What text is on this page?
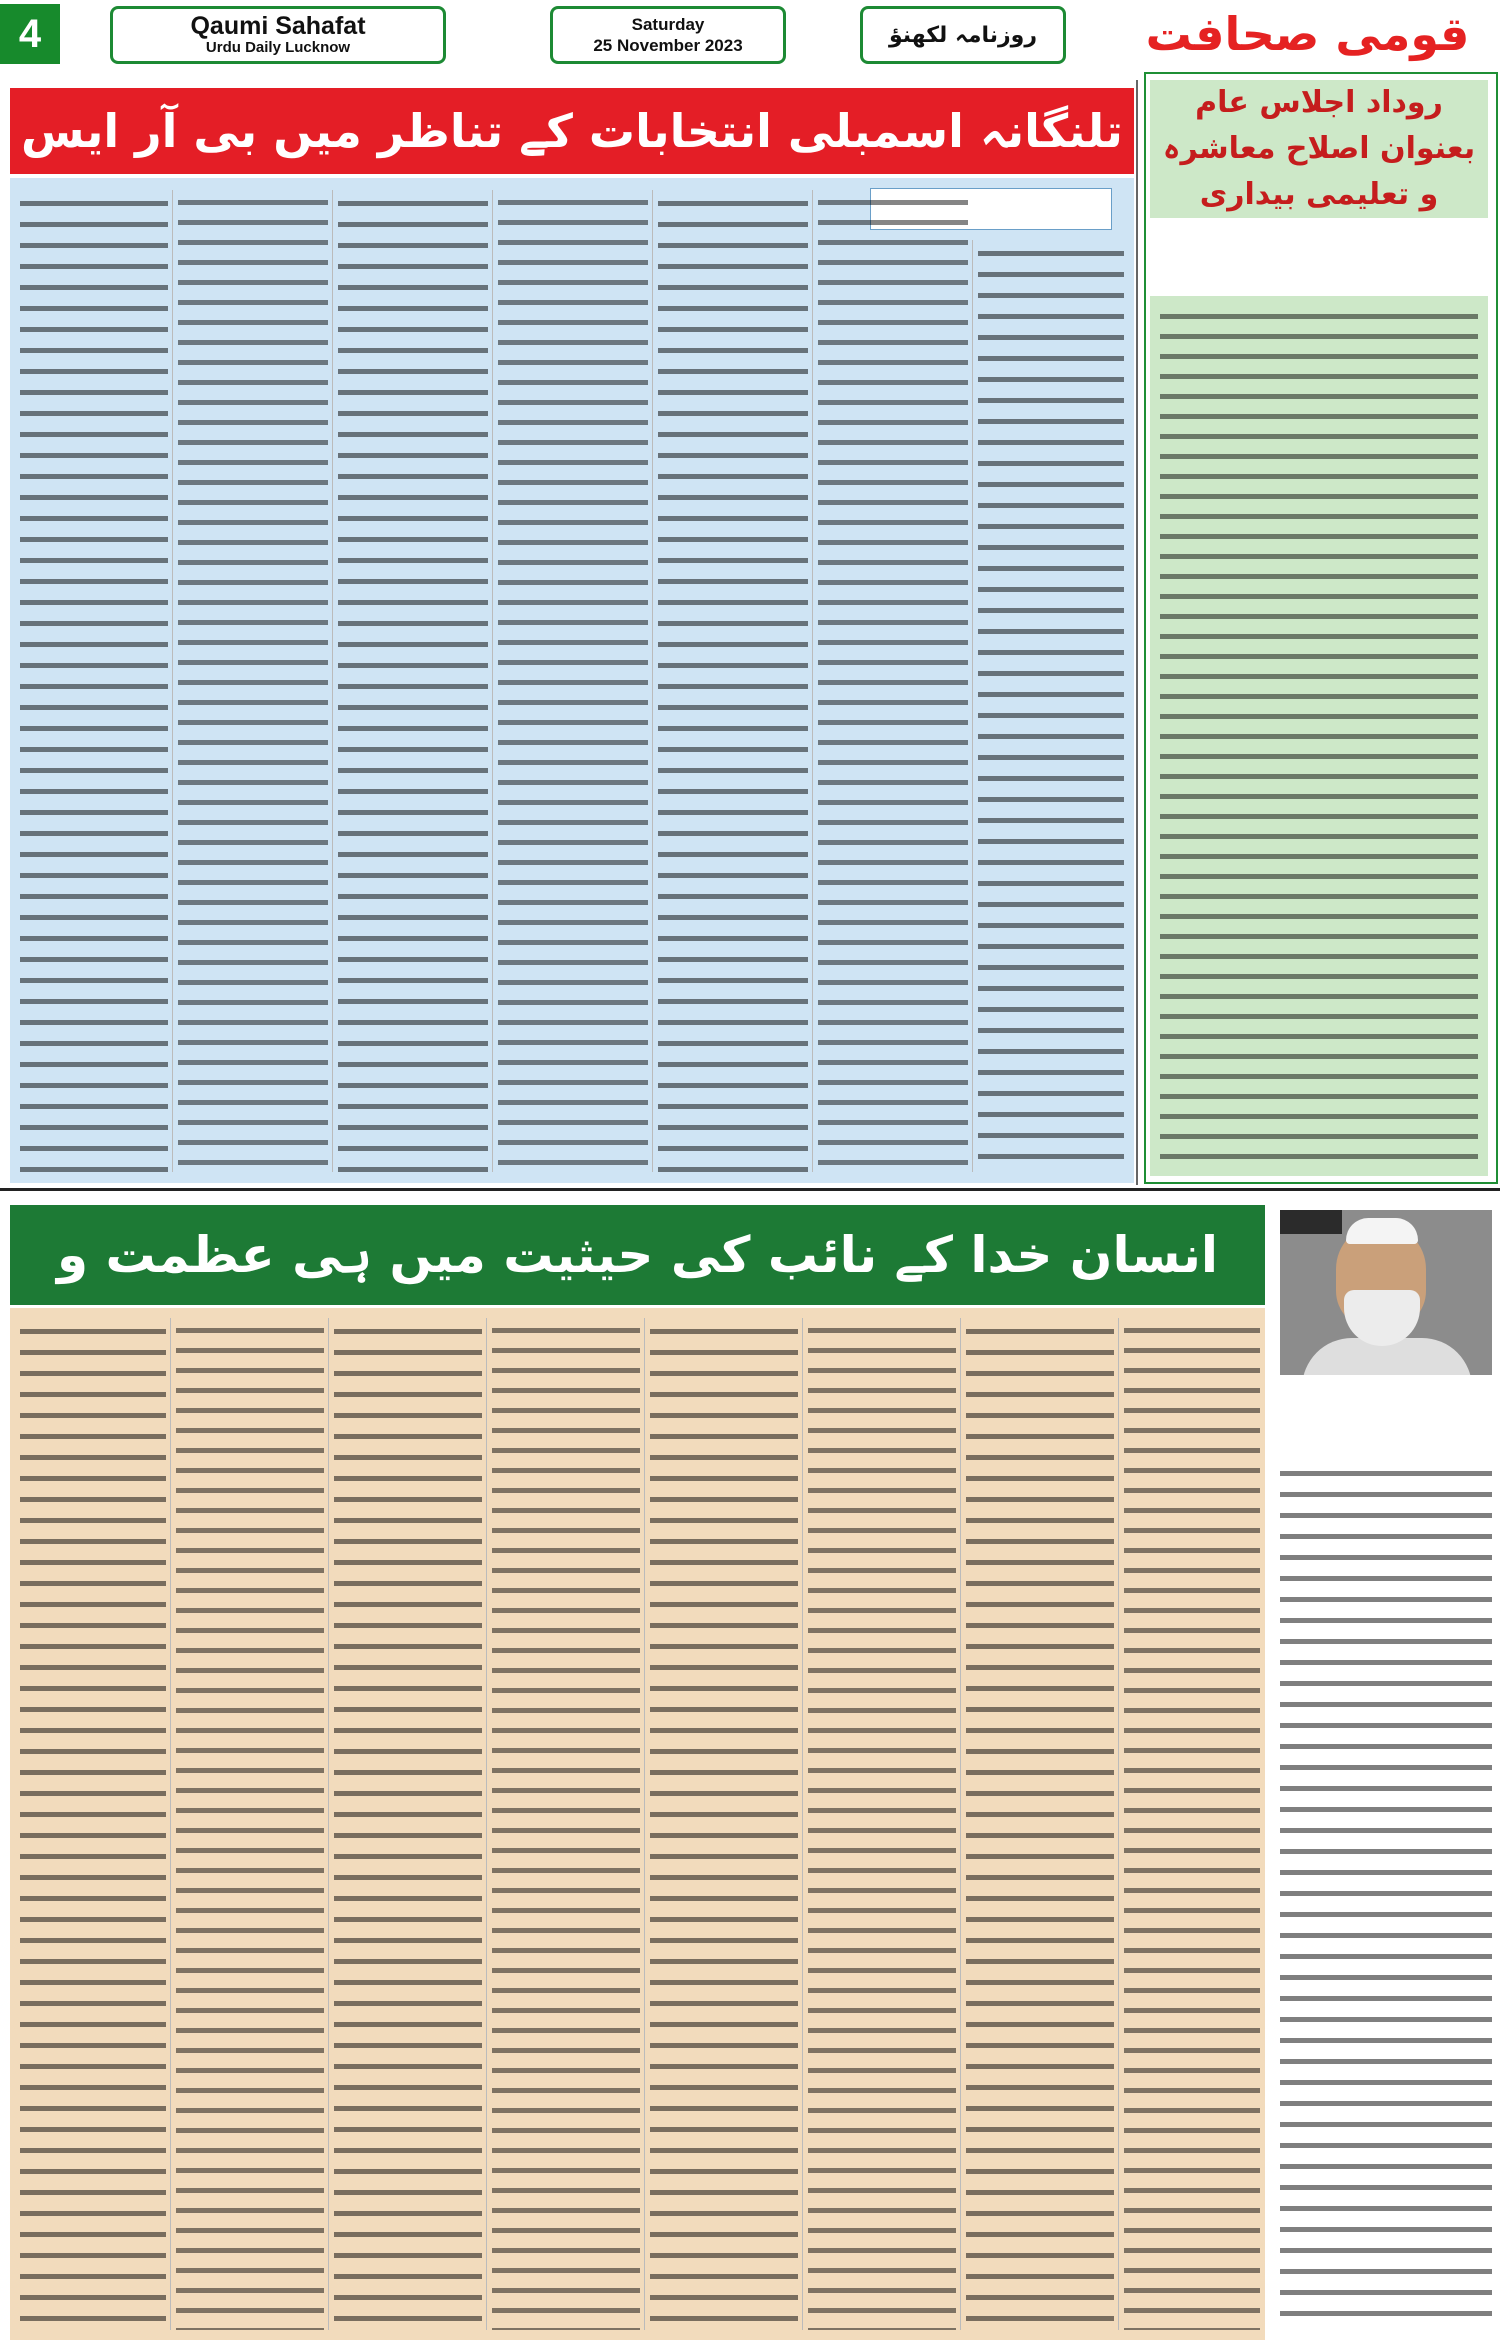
4	Qaumi Sahafat
Urdu Daily Lucknow
Saturday
25 November 2023	روزنامہ لکھنؤ	قومی صحافت
تلنگانہ اسمبلی انتخابات کے تناظر میں بی آر ایس
روداد اجلاس عام بعنوان اصلاح معاشرہ و تعلیمی بیداری
انسان خدا کے نائب کی حیثیت میں ہی عظمت و
